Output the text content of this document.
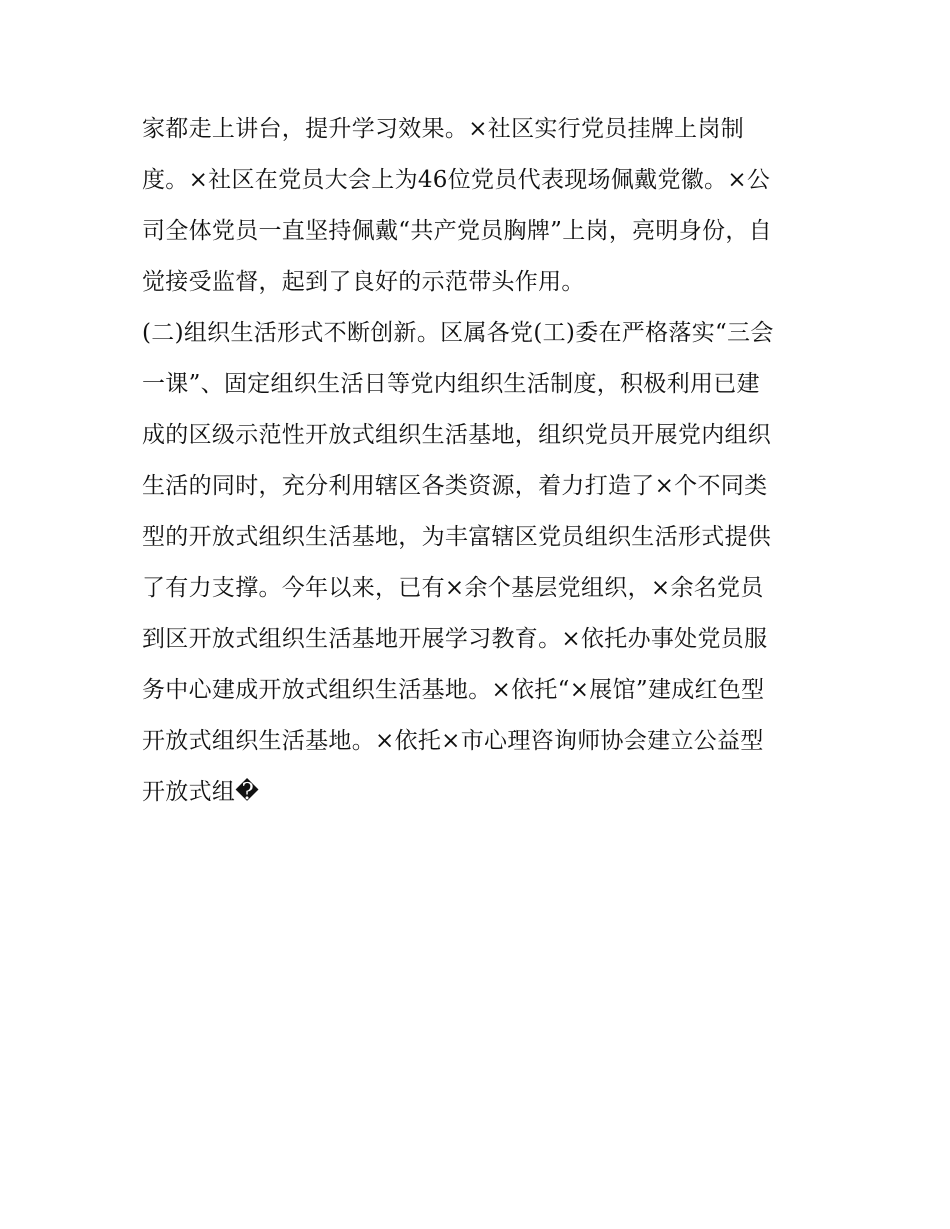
家都走上讲台，提升学习效果。×社区实行党员挂牌上岗制
度。×社区在党员大会上为46位党员代表现场佩戴党徽。×公
司全体党员一直坚持佩戴“共产党员胸牌”上岗，亮明身份，自
觉接受监督，起到了良好的示范带头作用。
(二)组织生活形式不断创新。区属各党(工)委在严格落实“三会
一课”、固定组织生活日等党内组织生活制度，积极利用已建
成的区级示范性开放式组织生活基地，组织党员开展党内组织
生活的同时，充分利用辖区各类资源，着力打造了×个不同类
型的开放式组织生活基地，为丰富辖区党员组织生活形式提供
了有力支撑。今年以来，已有×余个基层党组织，×余名党员
到区开放式组织生活基地开展学习教育。×依托办事处党员服
务中心建成开放式组织生活基地。×依托“×展馆”建成红色型
开放式组织生活基地。×依托×市心理咨询师协会建立公益型
开放式组�
